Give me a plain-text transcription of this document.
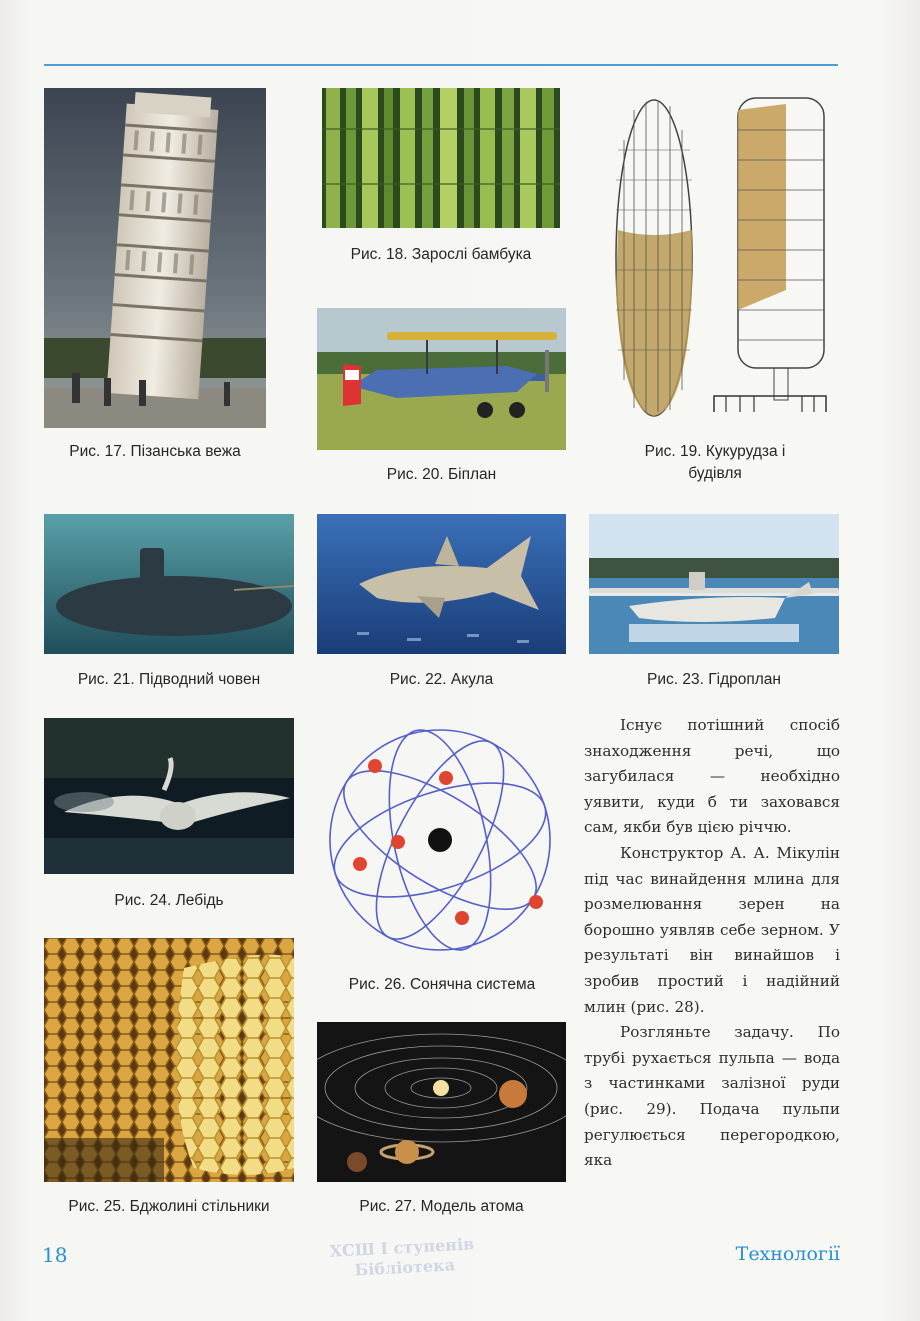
Рис. 17. Пізанська вежа
Рис. 18. Зарослі бамбука
Рис. 19. Кукурудза і будівля
Рис. 20. Біплан
Рис. 21. Підводний човен	Рис. 22. Акула	Рис. 23. Гідроплан
Рис. 24. Лебідь
Рис. 26. Сонячна система
Рис. 25. Бджолині стільники	Рис. 27. Модель атома

Існує потішний спосіб знаходження речі, що загубилася — необхідно уявити, куди б ти заховався сам, якби був цією річчю.

Конструктор А. А. Мікулін під час винайдення млина для розмелювання зерен на борошно уявляв себе зерном. У результаті він винайшов і зробив простий і надійний млин (рис. 28).

Розгляньте задачу. По трубі рухається пульпа — вода з частинками залізної руди (рис. 29). Подача пульпи регулюється перегородкою, яка

18	ХСШ І ступенів
Бібліотека
Технології
